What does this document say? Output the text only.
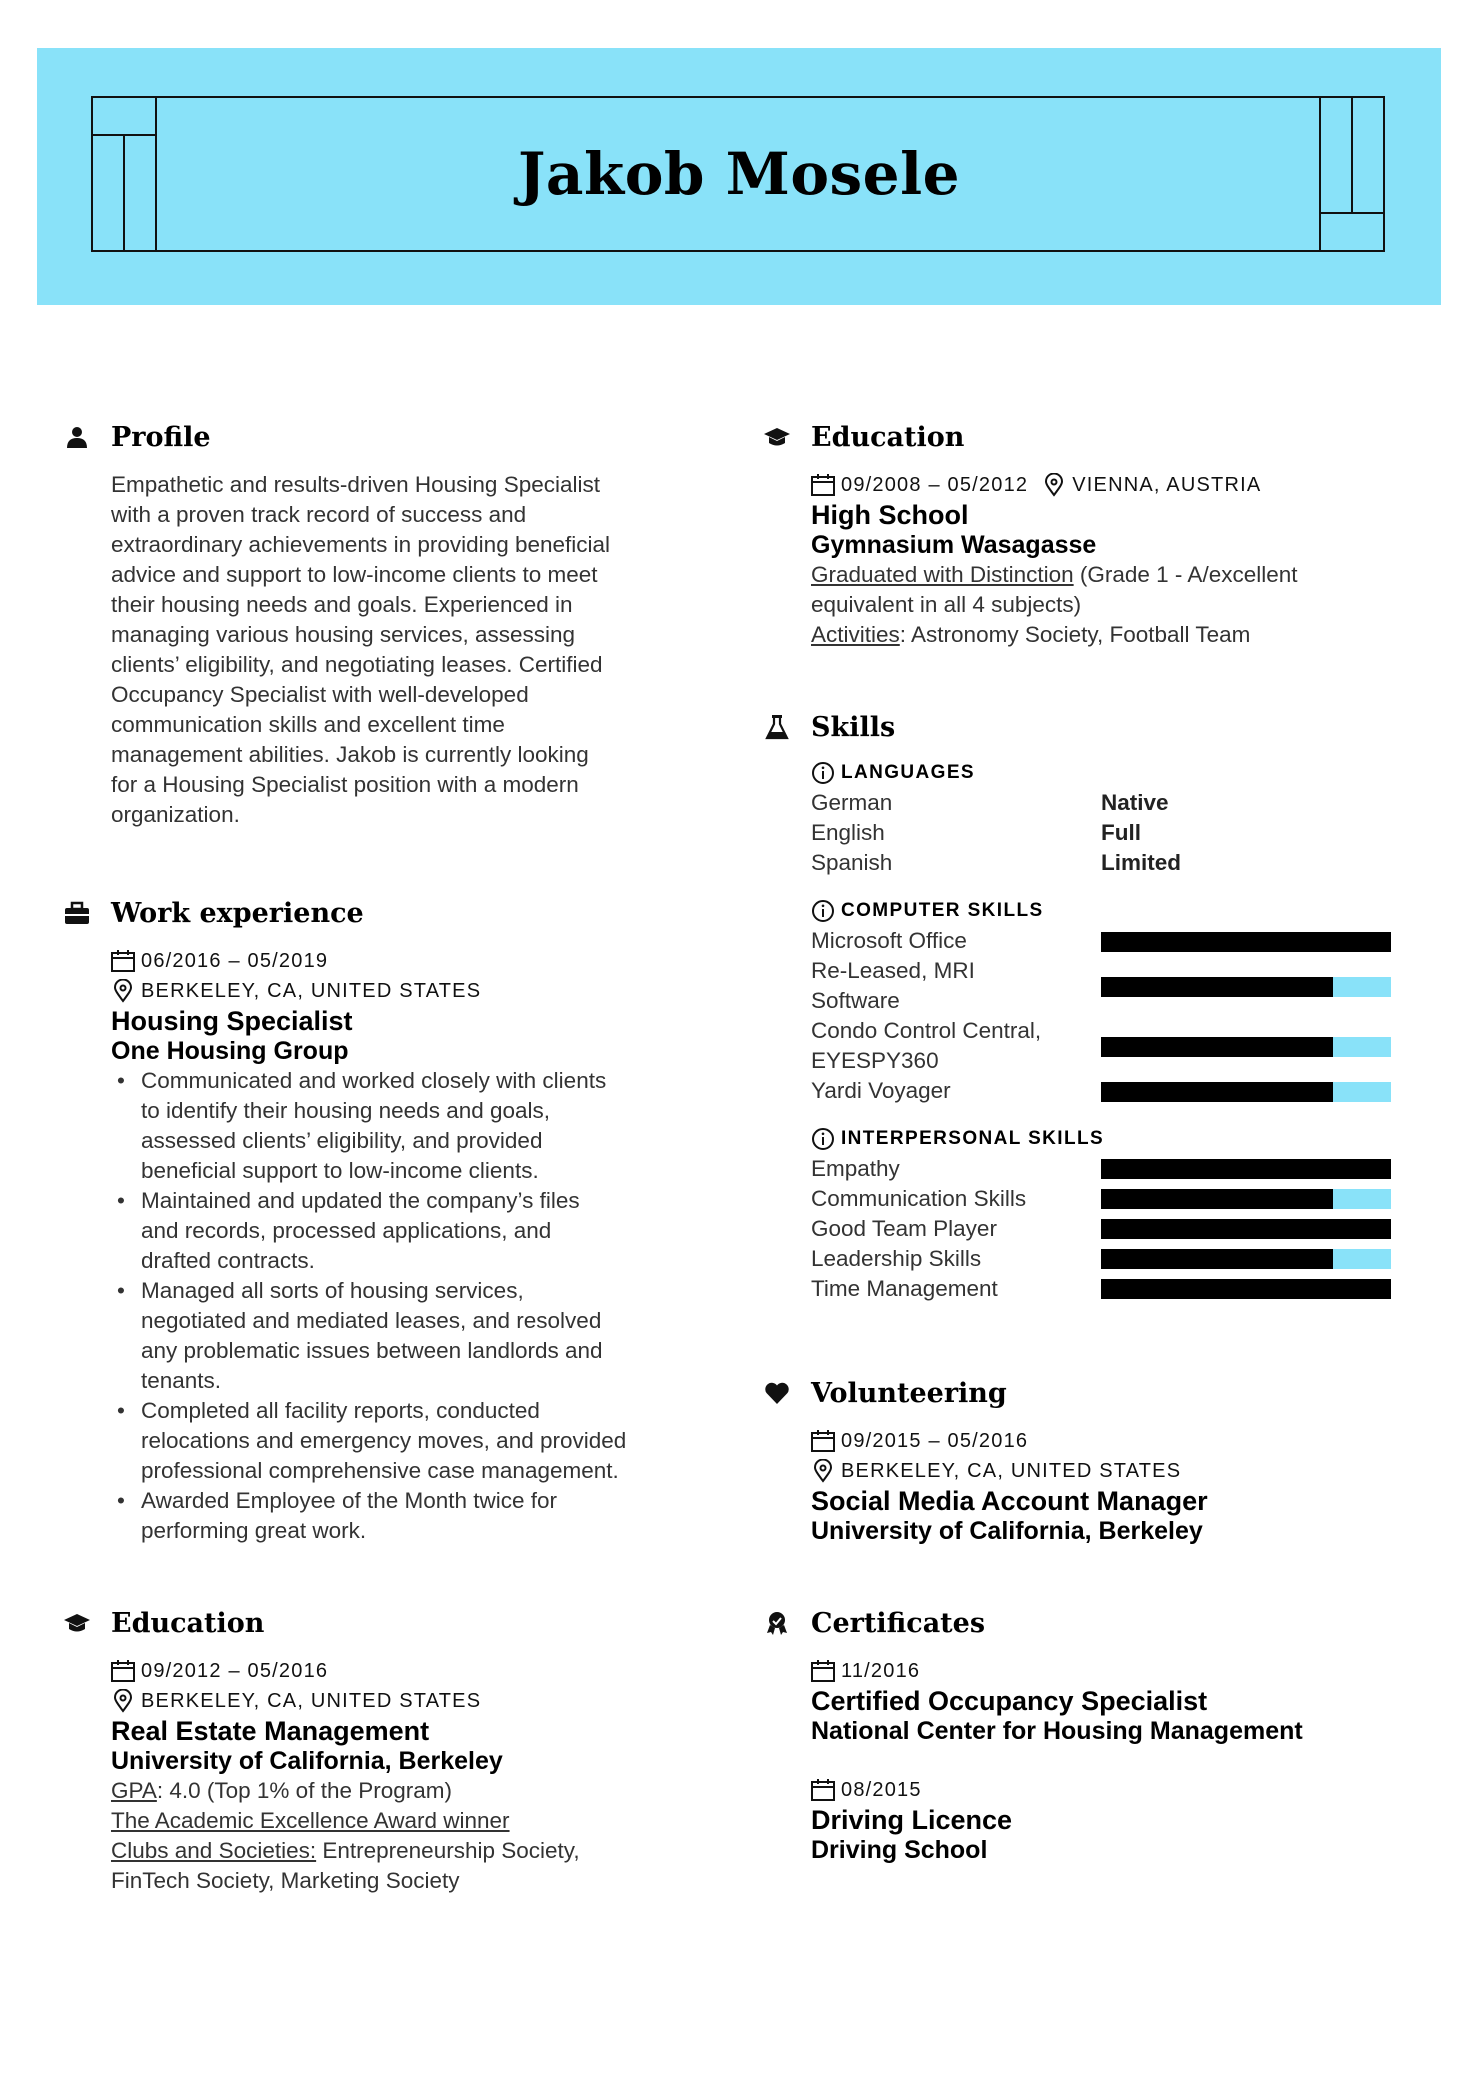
Jakob Mosele
Profile

Empathetic and results-driven Housing Specialist

with a proven track record of success and

extraordinary achievements in providing beneficial

advice and support to low-income clients to meet

their housing needs and goals. Experienced in

managing various housing services, assessing

clients’ eligibility, and negotiating leases. Certified

Occupancy Specialist with well-developed

communication skills and excellent time

management abilities. Jakob is currently looking

for a Housing Specialist position with a modern

organization.

Work experience
06/2016 – 05/2019
BERKELEY, CA, UNITED STATES

Housing Specialist

One Housing Group

• Communicated and worked closely with clients
to identify their housing needs and goals,
assessed clients’ eligibility, and provided
beneficial support to low-income clients.
• Maintained and updated the company’s files
and records, processed applications, and
drafted contracts.
• Managed all sorts of housing services,
negotiated and mediated leases, and resolved
any problematic issues between landlords and
tenants.
• Completed all facility reports, conducted
relocations and emergency moves, and provided
professional comprehensive case management.
• Awarded Employee of the Month twice for
performing great work.
Education
09/2012 – 05/2016
BERKELEY, CA, UNITED STATES

Real Estate Management

University of California, Berkeley

GPA: 4.0 (Top 1% of the Program)

The Academic Excellence Award winner

Clubs and Societies: Entrepreneurship Society,

FinTech Society, Marketing Society

Education
09/2008 – 05/2012 VIENNA, AUSTRIA

High School

Gymnasium Wasagasse

Graduated with Distinction (Grade 1 - A/excellent

equivalent in all 4 subjects)

Activities: Astronomy Society, Football Team

Skills
LANGUAGES
German	Native
English	Full
Spanish	Limited
COMPUTER SKILLS
Microsoft Office
Re-Leased, MRI
Software
Condo Control Central,
EYESPY360
Yardi Voyager
INTERPERSONAL SKILLS
Empathy
Communication Skills
Good Team Player
Leadership Skills
Time Management
Volunteering
09/2015 – 05/2016
BERKELEY, CA, UNITED STATES

Social Media Account Manager

University of California, Berkeley

Certificates
11/2016

Certified Occupancy Specialist

National Center for Housing Management

08/2015

Driving Licence

Driving School
